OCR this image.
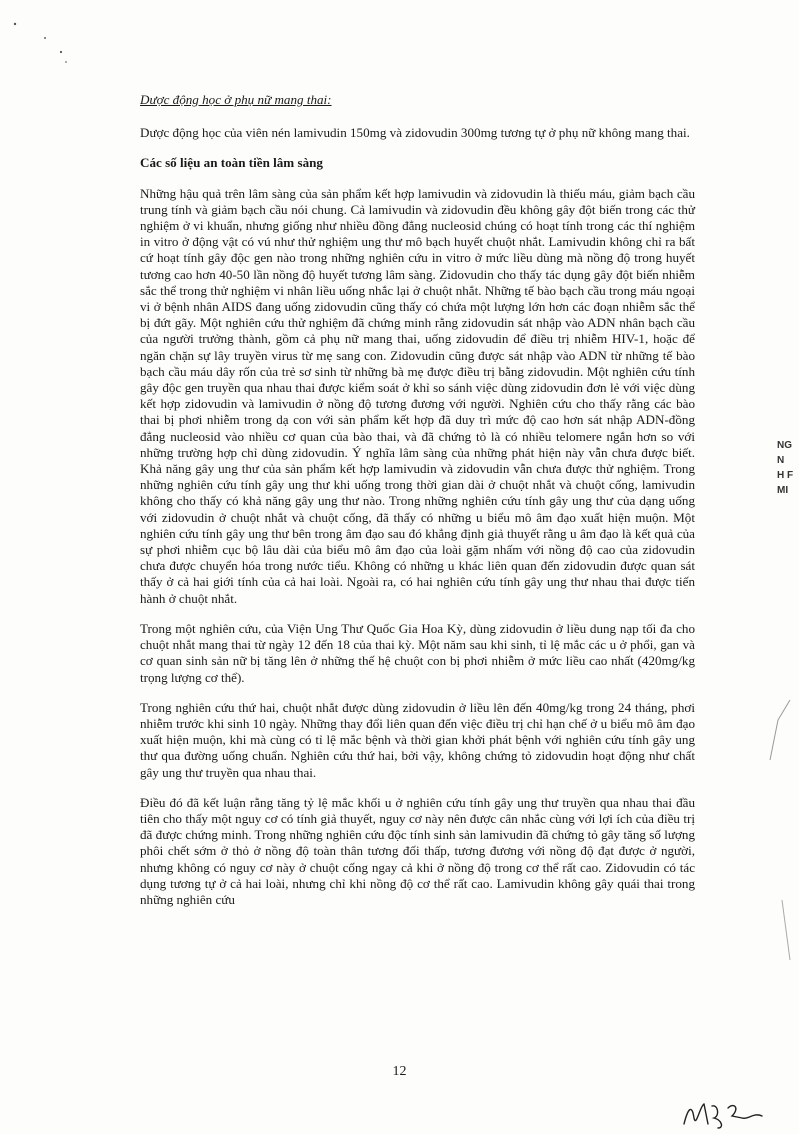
Dược động học ở phụ nữ mang thai:

Dược động học của viên nén lamivudin 150mg và zidovudin 300mg tương tự ở phụ nữ không mang thai.

Các số liệu an toàn tiền lâm sàng

Những hậu quả trên lâm sàng của sản phẩm kết hợp lamivudin và zidovudin là thiếu máu, giảm bạch cầu trung tính và giảm bạch cầu nói chung. Cả lamivudin và zidovudin đều không gây đột biến trong các thử nghiệm ở vi khuẩn, nhưng giống như nhiều đồng đẳng nucleosid chúng có hoạt tính trong các thí nghiệm in vitro ở động vật có vú như thử nghiệm ung thư mô bạch huyết chuột nhắt. Lamivudin không chỉ ra bất cứ hoạt tính gây độc gen nào trong những nghiên cứu in vitro ở mức liều dùng mà nồng độ trong huyết tương cao hơn 40-50 lần nồng độ huyết tương lâm sàng. Zidovudin cho thấy tác dụng gây đột biến nhiễm sắc thể trong thử nghiệm vi nhân liều uống nhắc lại ở chuột nhắt. Những tế bào bạch cầu trong máu ngoại vi ở bệnh nhân AIDS đang uống zidovudin cũng thấy có chứa một lượng lớn hơn các đoạn nhiễm sắc thể bị đứt gãy. Một nghiên cứu thử nghiệm đã chứng minh rằng zidovudin sát nhập vào ADN nhân bạch cầu của người trưởng thành, gồm cả phụ nữ mang thai, uống zidovudin để điều trị nhiễm HIV-1, hoặc để ngăn chặn sự lây truyền virus từ mẹ sang con. Zidovudin cũng được sát nhập vào ADN từ những tế bào bạch cầu máu dây rốn của trẻ sơ sinh từ những bà mẹ được điều trị bằng zidovudin. Một nghiên cứu tính gây độc gen truyền qua nhau thai được kiểm soát ở khỉ so sánh việc dùng zidovudin đơn lẻ với việc dùng kết hợp zidovudin và lamivudin ở nồng độ tương đương với người. Nghiên cứu cho thấy rằng các bào thai bị phơi nhiễm trong dạ con với sản phẩm kết hợp đã duy trì mức độ cao hơn sát nhập ADN-đồng đẳng nucleosid vào nhiều cơ quan của bào thai, và đã chứng tỏ là có nhiều telomere ngắn hơn so với những trường hợp chỉ dùng zidovudin. Ý nghĩa lâm sàng của những phát hiện này vẫn chưa được biết. Khả năng gây ung thư của sản phẩm kết hợp lamivudin và zidovudin vẫn chưa được thử nghiệm. Trong những nghiên cứu tính gây ung thư khi uống trong thời gian dài ở chuột nhắt và chuột cống, lamivudin không cho thấy có khả năng gây ung thư nào. Trong những nghiên cứu tính gây ung thư của dạng uống với zidovudin ở chuột nhắt và chuột cống, đã thấy có những u biểu mô âm đạo xuất hiện muộn. Một nghiên cứu tính gây ung thư bên trong âm đạo sau đó khẳng định giả thuyết rằng u âm đạo là kết quả của sự phơi nhiễm cục bộ lâu dài của biểu mô âm đạo của loài gặm nhấm với nồng độ cao của zidovudin chưa được chuyển hóa trong nước tiểu. Không có những u khác liên quan đến zidovudin được quan sát thấy ở cả hai giới tính của cả hai loài. Ngoài ra, có hai nghiên cứu tính gây ung thư nhau thai được tiến hành ở chuột nhắt.

Trong một nghiên cứu, của Viện Ung Thư Quốc Gia Hoa Kỳ, dùng zidovudin ở liều dung nạp tối đa cho chuột nhắt mang thai từ ngày 12 đến 18 của thai kỳ. Một năm sau khi sinh, tỉ lệ mắc các u ở phổi, gan và cơ quan sinh sản nữ bị tăng lên ở những thế hệ chuột con bị phơi nhiễm ở mức liều cao nhất (420mg/kg trọng lượng cơ thể).

Trong nghiên cứu thứ hai, chuột nhắt được dùng zidovudin ở liều lên đến 40mg/kg trong 24 tháng, phơi nhiễm trước khi sinh 10 ngày. Những thay đổi liên quan đến việc điều trị chỉ hạn chế ở u biểu mô âm đạo xuất hiện muộn, khi mà cùng có tỉ lệ mắc bệnh và thời gian khởi phát bệnh với nghiên cứu tính gây ung thư qua đường uống chuẩn. Nghiên cứu thứ hai, bởi vậy, không chứng tỏ zidovudin hoạt động như chất gây ung thư truyền qua nhau thai.

Điều đó đã kết luận rằng tăng tỷ lệ mắc khối u ở nghiên cứu tính gây ung thư truyền qua nhau thai đầu tiên cho thấy một nguy cơ có tính giả thuyết, nguy cơ này nên được cân nhắc cùng với lợi ích của điều trị đã được chứng minh. Trong những nghiên cứu độc tính sinh sản lamivudin đã chứng tỏ gây tăng số lượng phôi chết sớm ở thỏ ở nồng độ toàn thân tương đối thấp, tương đương với nồng độ đạt được ở người, nhưng không có nguy cơ này ở chuột cống ngay cả khi ở nồng độ trong cơ thể rất cao. Zidovudin có tác dụng tương tự ở cả hai loài, nhưng chỉ khi nồng độ cơ thể rất cao. Lamivudin không gây quái thai trong những nghiên cứu

NG
N
H F
MI
12
